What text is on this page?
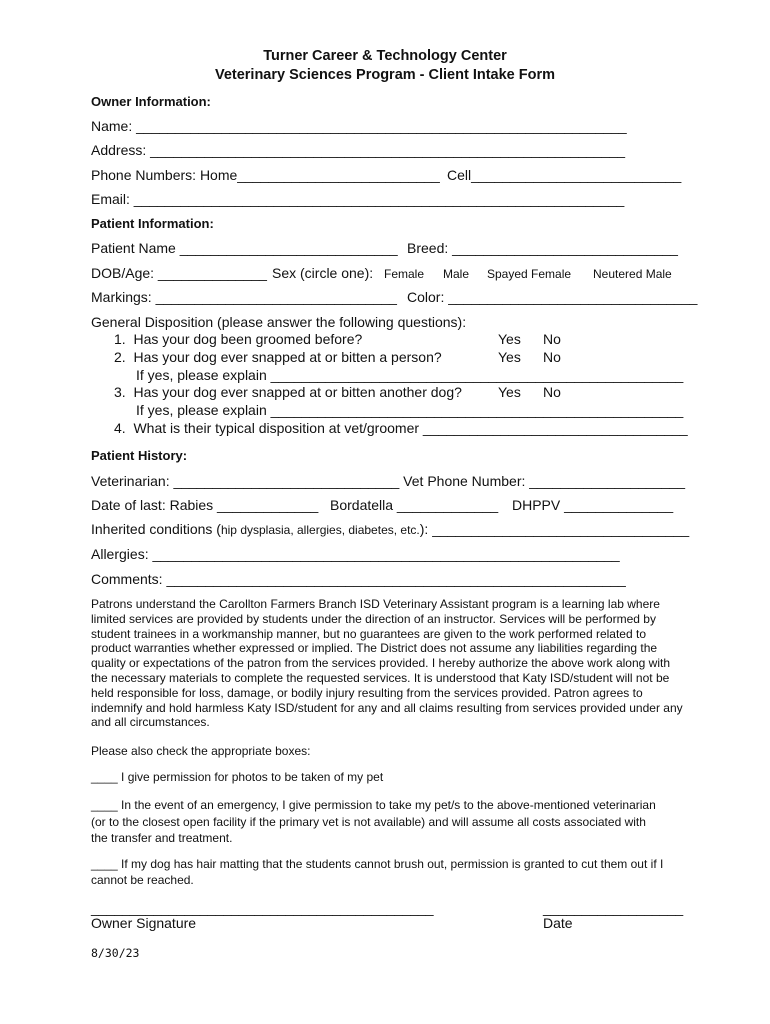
Turner Career & Technology Center
Veterinary Sciences Program - Client Intake Form
Owner Information:
Name: _______________________________________________________________
Address: _____________________________________________________________
Phone Numbers: Home__________________________ Cell___________________________
Email: _______________________________________________________________
Patient Information:
Patient Name ____________________________ Breed: _____________________________
DOB/Age: ______________ Sex (circle one): Female Male Spayed Female Neutered Male
Markings: _______________________________ Color: ________________________________
General Disposition (please answer the following questions):
1.  Has your dog been groomed before?	Yes No
2.  Has your dog ever snapped at or bitten a person?	Yes No
If yes, please explain _____________________________________________________
3.  Has your dog ever snapped at or bitten another dog?	Yes No
If yes, please explain _____________________________________________________
4.  What is their typical disposition at vet/groomer __________________________________
Patient History:
Veterinarian: _____________________________ Vet Phone Number: ____________________
Date of last: Rabies _____________ Bordatella _____________ DHPPV ______________
Inherited conditions (hip dysplasia, allergies, diabetes, etc.): _________________________________
Allergies: ____________________________________________________________
Comments: ___________________________________________________________
Patrons understand the Carollton Farmers Branch ISD Veterinary Assistant program is a learning lab where limited services are provided by students under the direction of an instructor. Services will be performed by student trainees in a workmanship manner, but no guarantees are given to the work performed related to product warranties whether expressed or implied. The District does not assume any liabilities regarding the quality or expectations of the patron from the services provided. I hereby authorize the above work along with the necessary materials to complete the requested services. It is understood that Katy ISD/student will not be held responsible for loss, damage, or bodily injury resulting from the services provided. Patron agrees to indemnify and hold harmless Katy ISD/student for any and all claims resulting from services provided under any and all circumstances.
Please also check the appropriate boxes:
____ I give permission for photos to be taken of my pet
____ In the event of an emergency, I give permission to take my pet/s to the above-mentioned veterinarian (or to the closest open facility if the primary vet is not available) and will assume all costs associated with the transfer and treatment.
____ If my dog has hair matting that the students cannot brush out, permission is granted to cut them out if I cannot be reached.
____________________________________________	__________________
Owner Signature	Date
8/30/23
